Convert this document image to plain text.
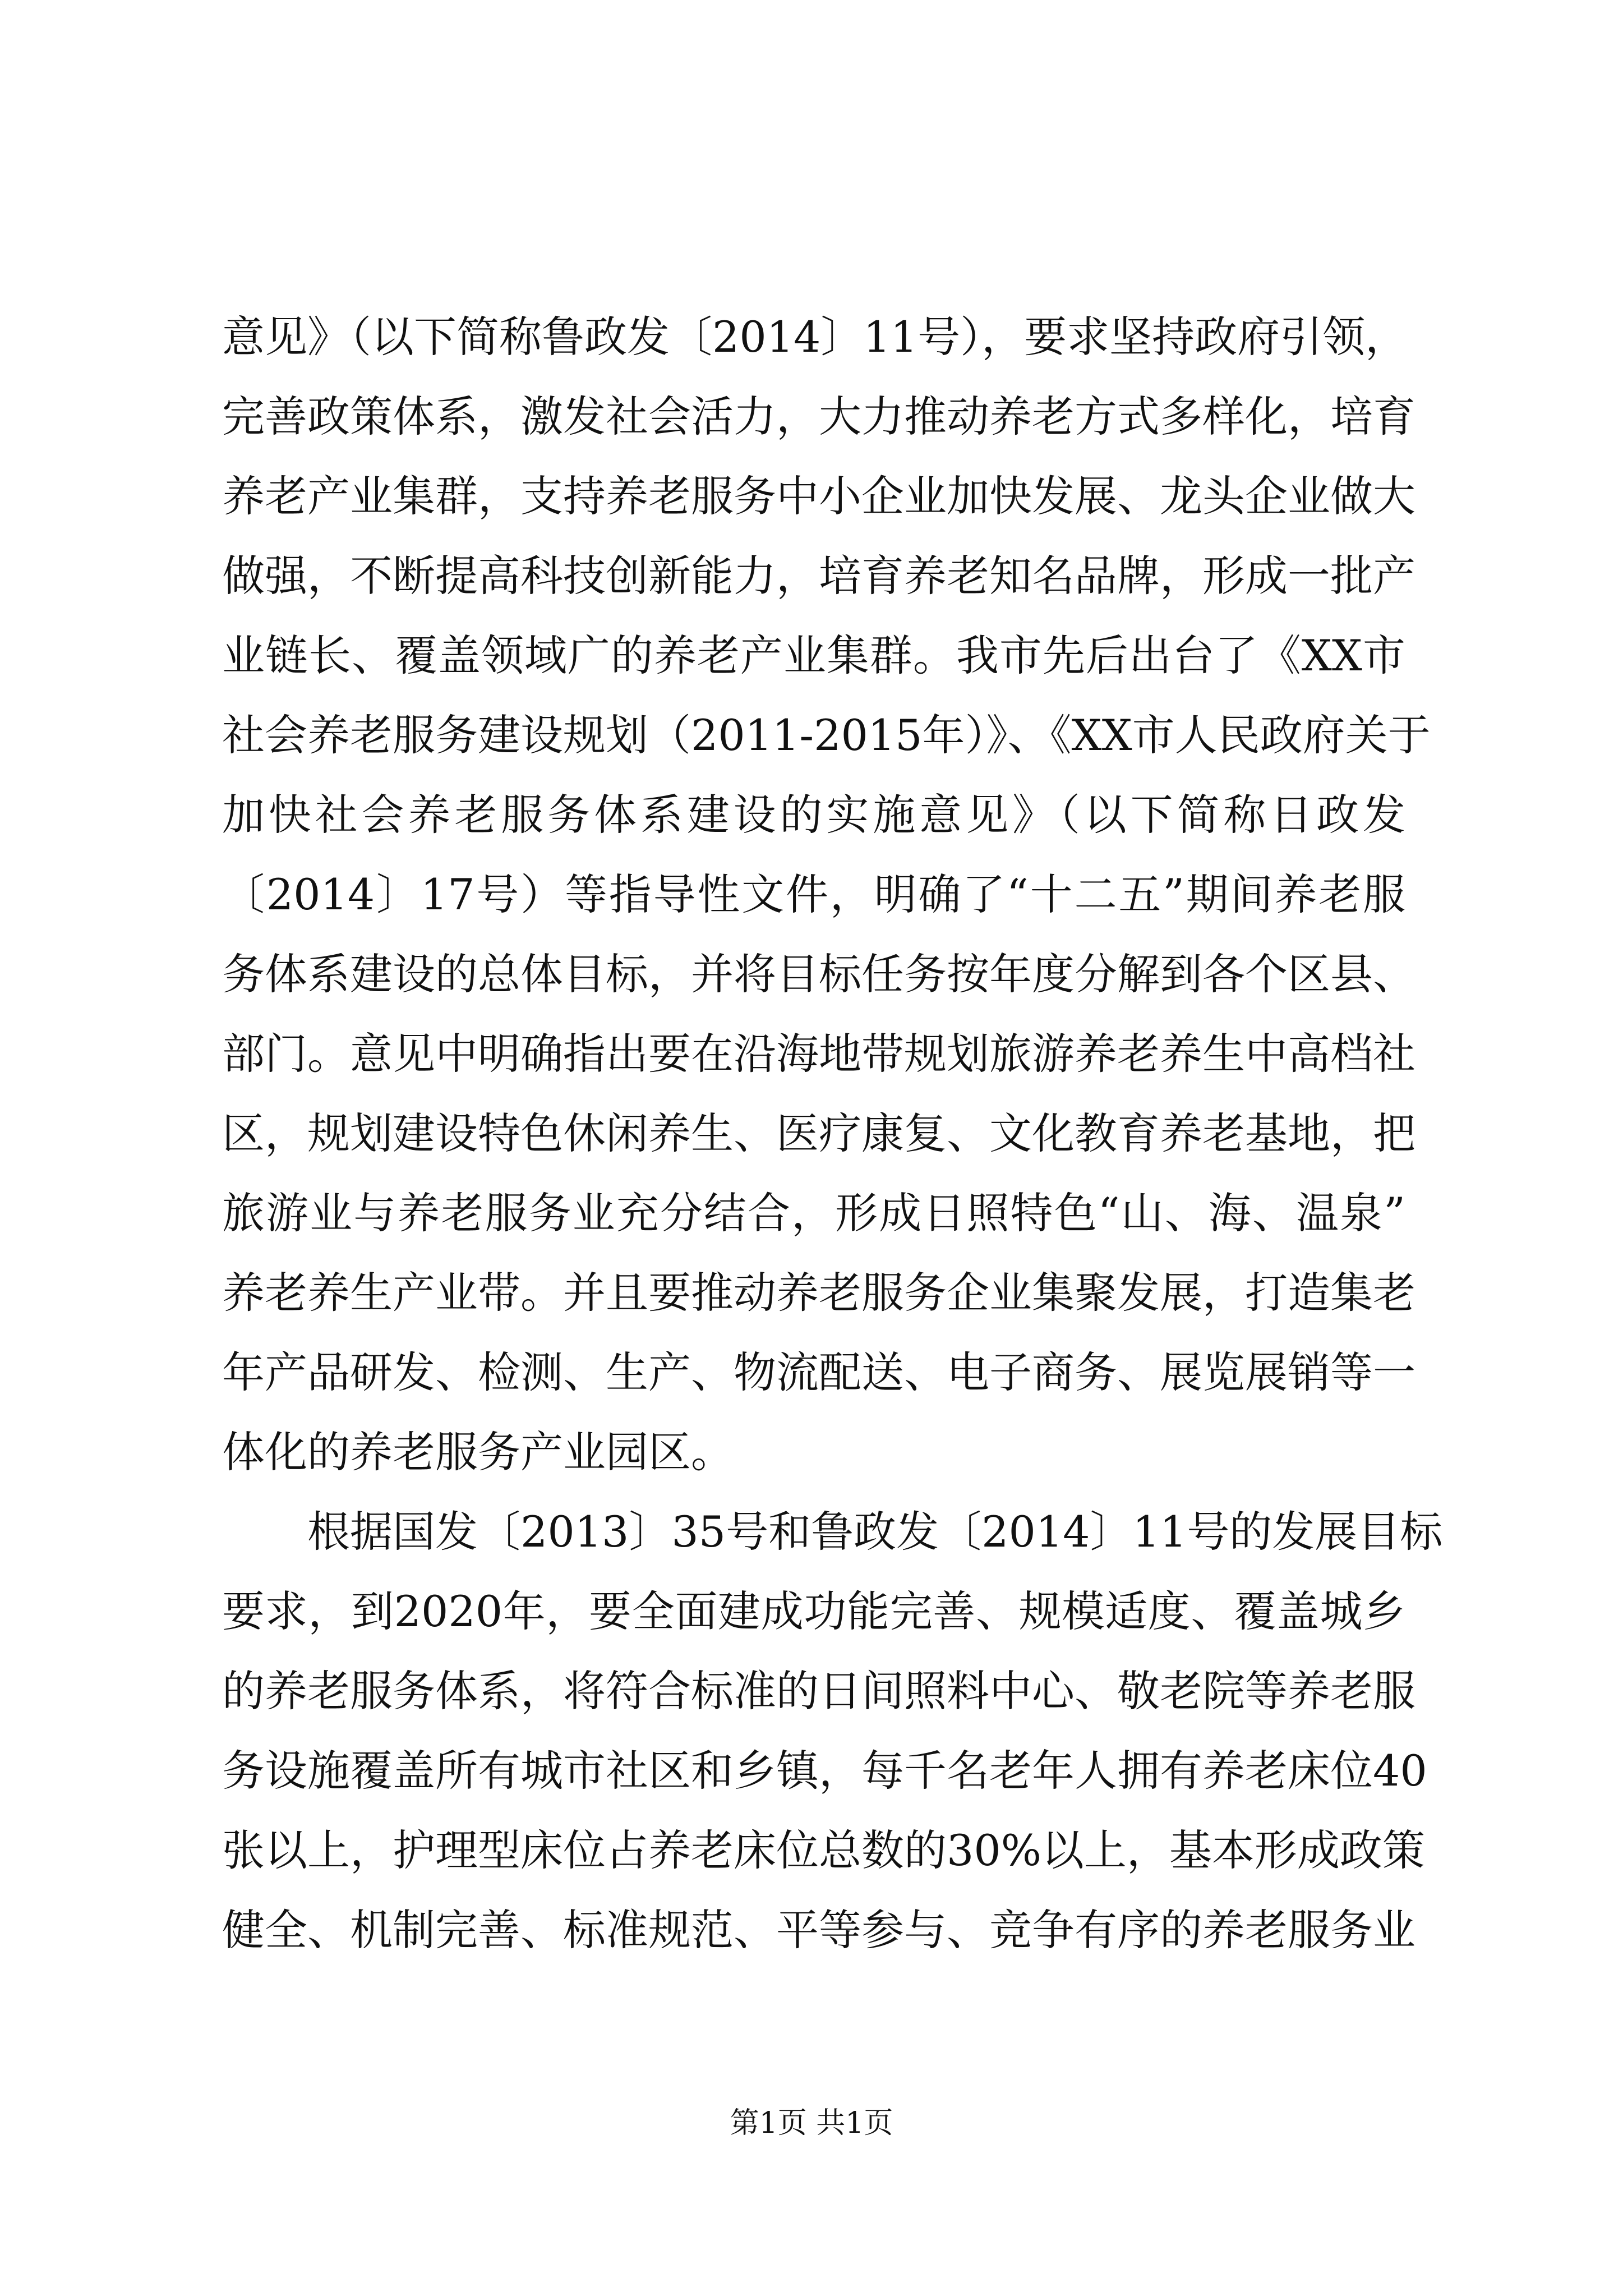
意见》（以下简称鲁政发〔2014〕11号），要求坚持政府引领，
完善政策体系，激发社会活力，大力推动养老方式多样化，培育
养老产业集群，支持养老服务中小企业加快发展、龙头企业做大
做强，不断提高科技创新能力，培育养老知名品牌，形成一批产
业链长、覆盖领域广的养老产业集群。我市先后出台了《XX市
社会养老服务建设规划（2011-2015年）》、《XX市人民政府关于
加快社会养老服务体系建设的实施意见》（以下简称日政发
〔2014〕17号）等指导性文件，明确了“十二五”期间养老服
务体系建设的总体目标，并将目标任务按年度分解到各个区县、
部门。意见中明确指出要在沿海地带规划旅游养老养生中高档社
区，规划建设特色休闲养生、医疗康复、文化教育养老基地，把
旅游业与养老服务业充分结合，形成日照特色“山、海、温泉”
养老养生产业带。并且要推动养老服务企业集聚发展，打造集老
年产品研发、检测、生产、物流配送、电子商务、展览展销等一
体化的养老服务产业园区。

根据国发〔2013〕35号和鲁政发〔2014〕11号的发展目标
要求，到2020年，要全面建成功能完善、规模适度、覆盖城乡
的养老服务体系，将符合标准的日间照料中心、敬老院等养老服
务设施覆盖所有城市社区和乡镇，每千名老年人拥有养老床位40
张以上，护理型床位占养老床位总数的30%以上，基本形成政策
健全、机制完善、标准规范、平等参与、竞争有序的养老服务业

第1页 共1页
